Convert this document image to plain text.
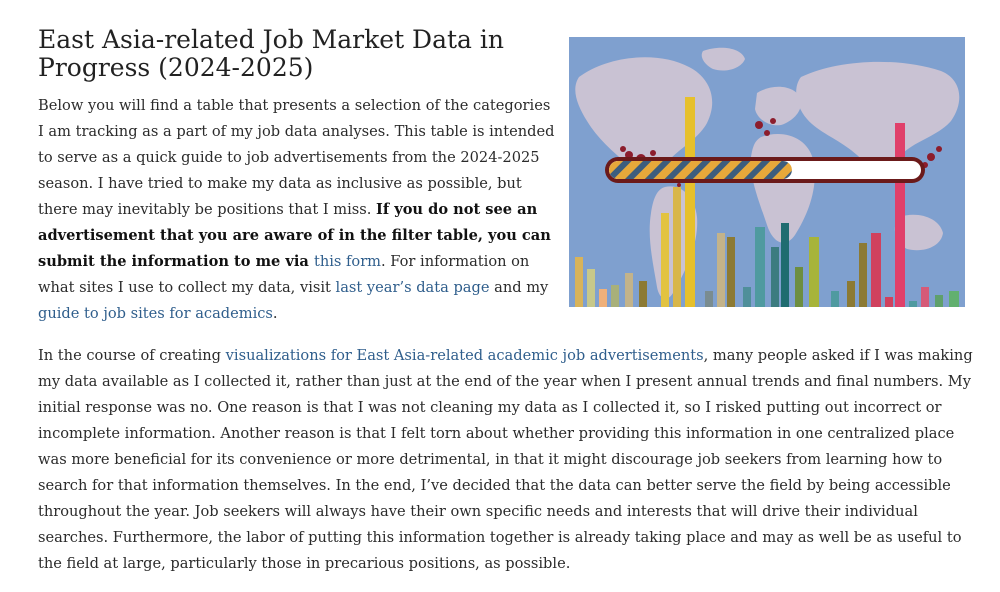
East Asia-related Job Market Data in Progress (2024-2025)

Below you will find a table that presents a selection of the categories I am tracking as a part of my job data analyses. This table is intended to serve as a quick guide to job advertisements from the 2024-2025 season. I have tried to make my data as inclusive as possible, but there may inevitably be positions that I miss. If you do not see an advertisement that you are aware of in the filter table, you can submit the information to me via this form. For information on what sites I use to collect my data, visit last year’s data page and my guide to job sites for academics.

In the course of creating visualizations for East Asia-related academic job advertisements, many people asked if I was making my data available as I collected it, rather than just at the end of the year when I present annual trends and final numbers. My initial response was no. One reason is that I was not cleaning my data as I collected it, so I risked putting out incorrect or incomplete information. Another reason is that I felt torn about whether providing this information in one centralized place was more beneficial for its convenience or more detrimental, in that it might discourage job seekers from learning how to search for that information themselves. In the end, I’ve decided that the data can better serve the field by being accessible throughout the year. Job seekers will always have their own specific needs and interests that will drive their individual searches. Furthermore, the labor of putting this information together is already taking place and may as well be as useful to the field at large, particularly those in precarious positions, as possible.
